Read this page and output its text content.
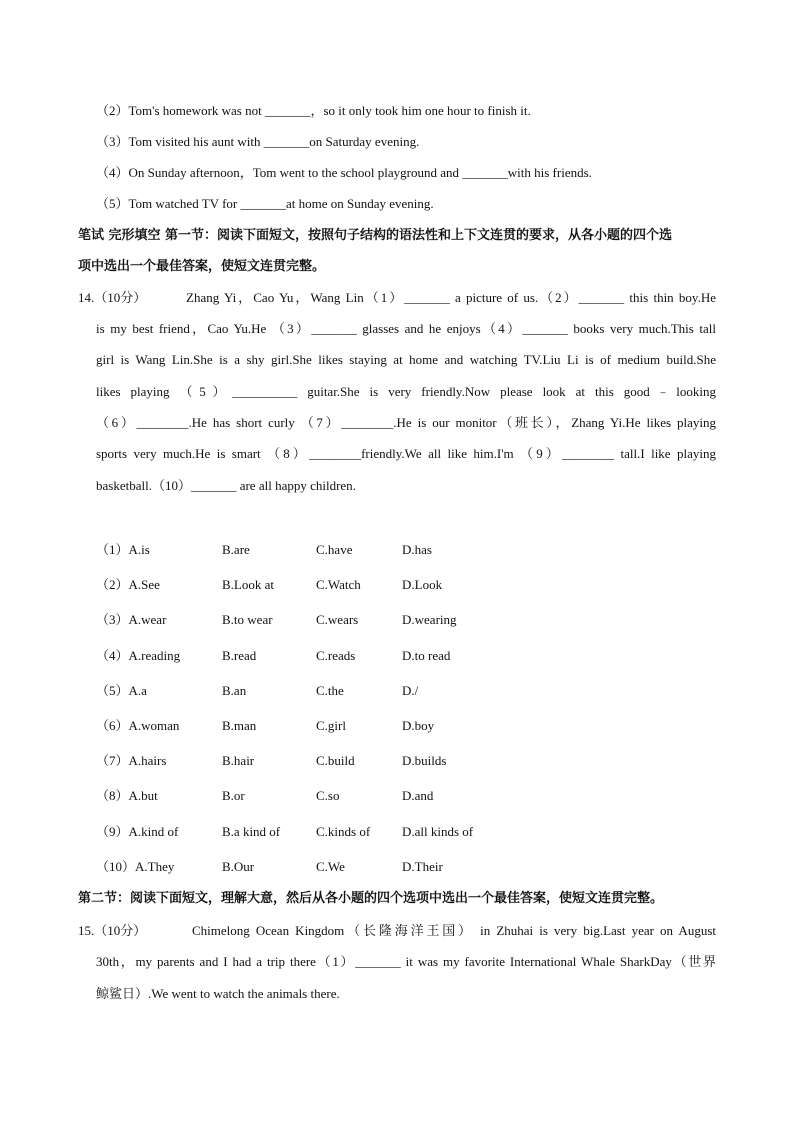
（2）Tom's homework was not _______，so it only took him one hour to finish it.
（3）Tom visited his aunt with _______on Saturday evening.
（4）On Sunday afternoon，Tom went to the school playground and _______with his friends.
（5）Tom watched TV for _______at home on Sunday evening.
笔试 完形填空 第一节：阅读下面短文，按照句子结构的语法性和上下文连贯的要求，从各小题的四个选
项中选出一个最佳答案，使短文连贯完整。
14.（10分）	Zhang Yi，Cao Yu，Wang Lin（1）_______ a picture of us.（2）_______ this thin boy.He
is my best friend，Cao Yu.He （3）_______ glasses and he enjoys（4）_______ books very much.This tall
girl is Wang Lin.She is a shy girl.She likes staying at home and watching TV.Liu Li is of medium build.She
likes playing （5）__________ guitar.She is very friendly.Now please look at this good﹣looking
（6）________.He has short curly （7）________.He is our monitor（班长），Zhang Yi.He likes playing
sports very much.He is smart （8）________friendly.We all like him.I'm （9）________ tall.I like playing
basketball.（10）_______ are all happy children.
（1）A.is	B.are	C.have	D.has
（2）A.See	B.Look at	C.Watch	D.Look
（3）A.wear	B.to wear	C.wears	D.wearing
（4）A.reading	B.read	C.reads	D.to read
（5）A.a	B.an	C.the	D./
（6）A.woman	B.man	C.girl	D.boy
（7）A.hairs	B.hair	C.build	D.builds
（8）A.but	B.or	C.so	D.and
（9）A.kind of	B.a kind of	C.kinds of D.all kinds of
（10）A.They	B.Our	C.We	D.Their
第二节：阅读下面短文，理解大意，然后从各小题的四个选项中选出一个最佳答案，使短文连贯完整。
15.（10分）	Chimelong Ocean Kingdom（长隆海洋王国） in Zhuhai is very big.Last year on August
30th，my parents and I had a trip there（1）_______ it was my favorite International Whale SharkDay（世界
鲸鲨日）.We went to watch the animals there.
